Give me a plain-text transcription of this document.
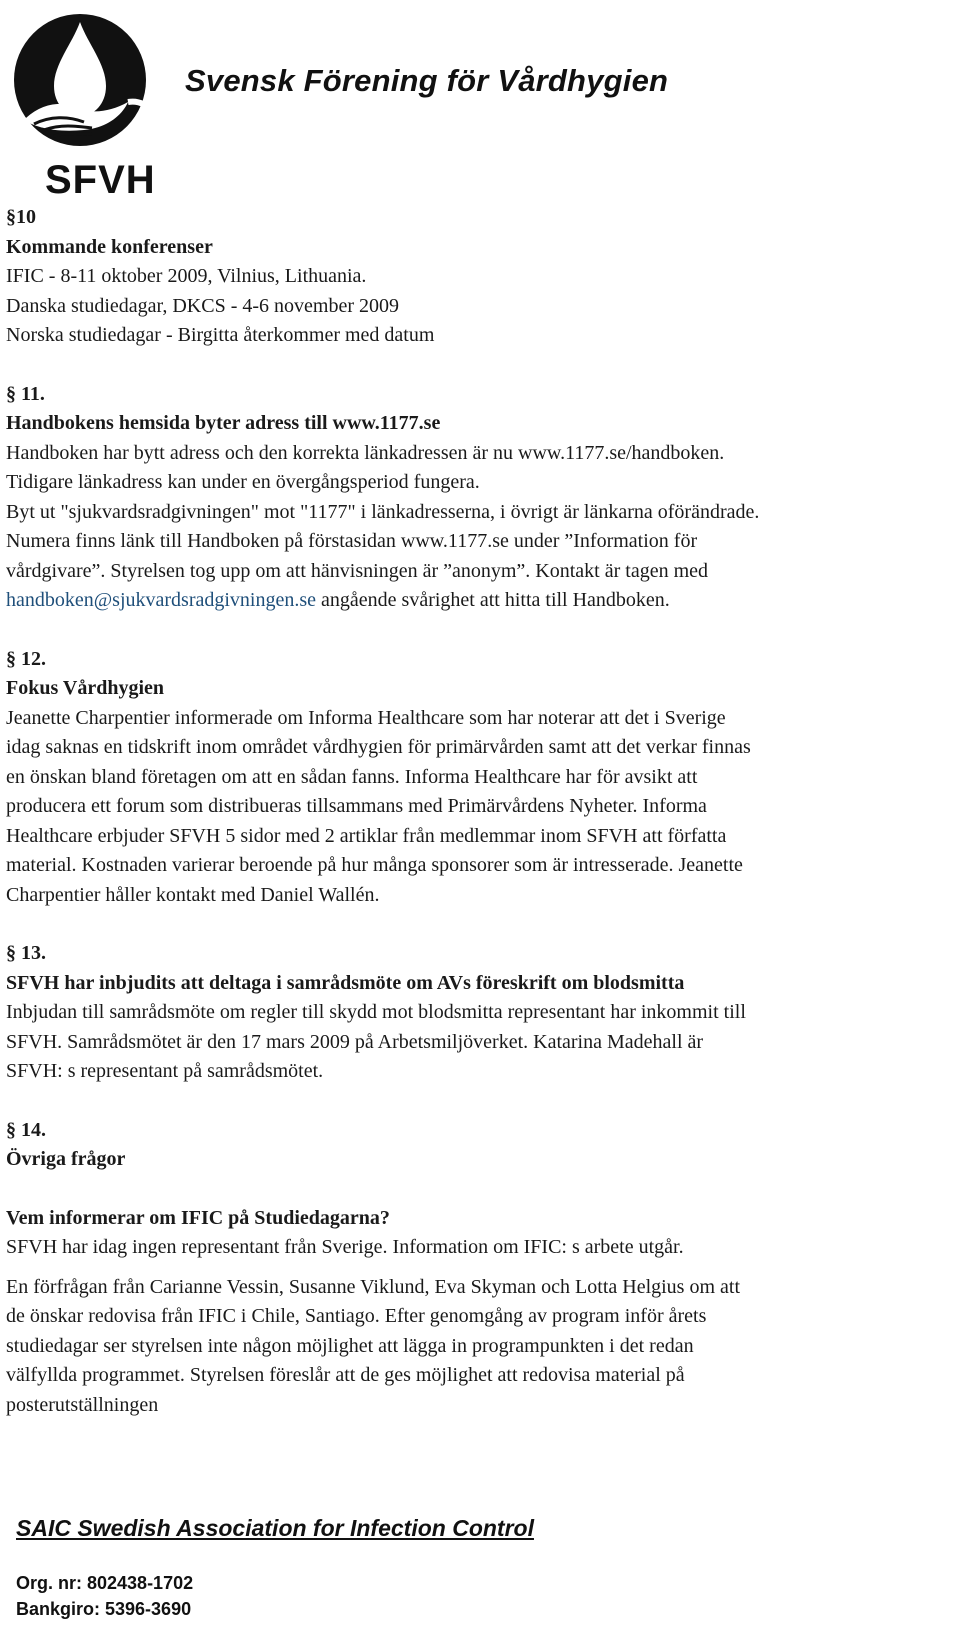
Svensk Förening för Vårdhygien
SFVH

§10

Kommande konferenser

IFIC - 8-11 oktober 2009, Vilnius, Lithuania.

Danska studiedagar, DKCS - 4-6 november 2009

Norska studiedagar - Birgitta återkommer med datum

§ 11.

Handbokens hemsida byter adress till www.1177.se

Handboken har bytt adress och den korrekta länkadressen är nu www.1177.se/handboken.

Tidigare länkadress kan under en övergångsperiod fungera.

Byt ut "sjukvardsradgivningen" mot "1177" i länkadresserna, i övrigt är länkarna oförändrade.

Numera finns länk till Handboken på förstasidan www.1177.se under ”Information för

vårdgivare”. Styrelsen tog upp om att hänvisningen är ”anonym”. Kontakt är tagen med

handboken@sjukvardsradgivningen.se angående svårighet att hitta till Handboken.

§ 12.

Fokus Vårdhygien

Jeanette Charpentier informerade om Informa Healthcare som har noterar att det i Sverige

idag saknas en tidskrift inom området vårdhygien för primärvården samt att det verkar finnas

en önskan bland företagen om att en sådan fanns. Informa Healthcare har för avsikt att

producera ett forum som distribueras tillsammans med Primärvårdens Nyheter. Informa

Healthcare erbjuder SFVH 5 sidor med 2 artiklar från medlemmar inom SFVH att författa

material. Kostnaden varierar beroende på hur många sponsorer som är intresserade. Jeanette

Charpentier håller kontakt med Daniel Wallén.

§ 13.

SFVH har inbjudits att deltaga i samrådsmöte om AVs föreskrift om blodsmitta

Inbjudan till samrådsmöte om regler till skydd mot blodsmitta representant har inkommit till

SFVH. Samrådsmötet är den 17 mars 2009 på Arbetsmiljöverket. Katarina Madehall är

SFVH: s representant på samrådsmötet.

§ 14.

Övriga frågor

Vem informerar om IFIC på Studiedagarna?

SFVH har idag ingen representant från Sverige. Information om IFIC: s arbete utgår.

En förfrågan från Carianne Vessin, Susanne Viklund, Eva Skyman och Lotta Helgius om att

de önskar redovisa från IFIC i Chile, Santiago. Efter genomgång av program inför årets

studiedagar ser styrelsen inte någon möjlighet att lägga in programpunkten i det redan

välfyllda programmet. Styrelsen föreslår att de ges möjlighet att redovisa material på

posterutställningen

SAIC Swedish Association for Infection Control
Org. nr: 802438-1702
Bankgiro: 5396-3690
